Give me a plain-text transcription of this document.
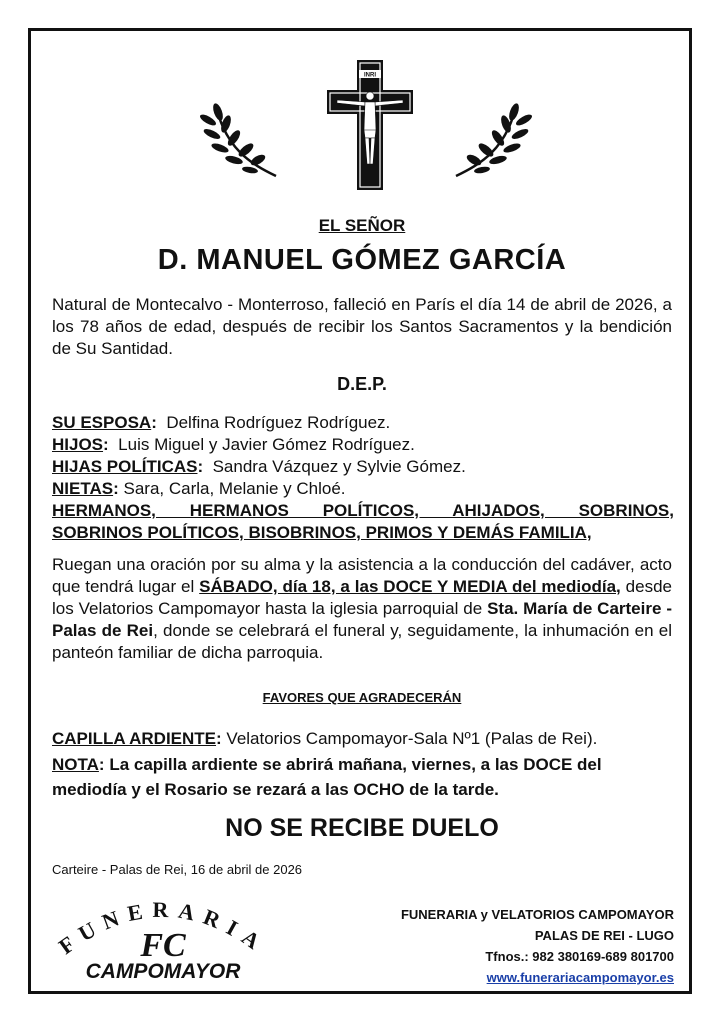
INRI
EL SEÑOR
D. MANUEL GÓMEZ GARCÍA
Natural de Montecalvo - Monterroso, falleció en París el día 14 de abril de 2026, a los 78 años de edad, después de recibir los Santos Sacramentos y la bendición de Su Santidad.
D.E.P.
SU ESPOSA: Delfina Rodríguez Rodríguez.
HIJOS: Luis Miguel y Javier Gómez Rodríguez.
HIJAS POLÍTICAS: Sandra Vázquez y Sylvie Gómez.
NIETAS: Sara, Carla, Melanie y Chloé.
HERMANOS, HERMANOS POLÍTICOS, AHIJADOS, SOBRINOS,
SOBRINOS POLÍTICOS, BISOBRINOS, PRIMOS Y DEMÁS FAMILIA,
Ruegan una oración por su alma y la asistencia a la conducción del cadáver, acto que tendrá lugar el SÁBADO, día 18, a las DOCE Y MEDIA del mediodía, desde los Velatorios Campomayor hasta la iglesia parroquial de Sta. María de Carteire - Palas de Rei, donde se celebrará el funeral y, seguidamente, la inhumación en el panteón familiar de dicha parroquia.
FAVORES QUE AGRADECERÁN
CAPILLA ARDIENTE: Velatorios Campomayor-Sala Nº1 (Palas de Rei).
NOTA: La capilla ardiente se abrirá mañana, viernes, a las DOCE del mediodía y el Rosario se rezará a las OCHO de la tarde.
NO SE RECIBE DUELO
Carteire - Palas de Rei, 16 de abril de 2026
FUNERARIA
FC
CAMPOMAYOR
FUNERARIA y VELATORIOS CAMPOMAYOR
PALAS DE REI - LUGO
Tfnos.: 982 380169-689 801700
www.funerariacampomayor.es
